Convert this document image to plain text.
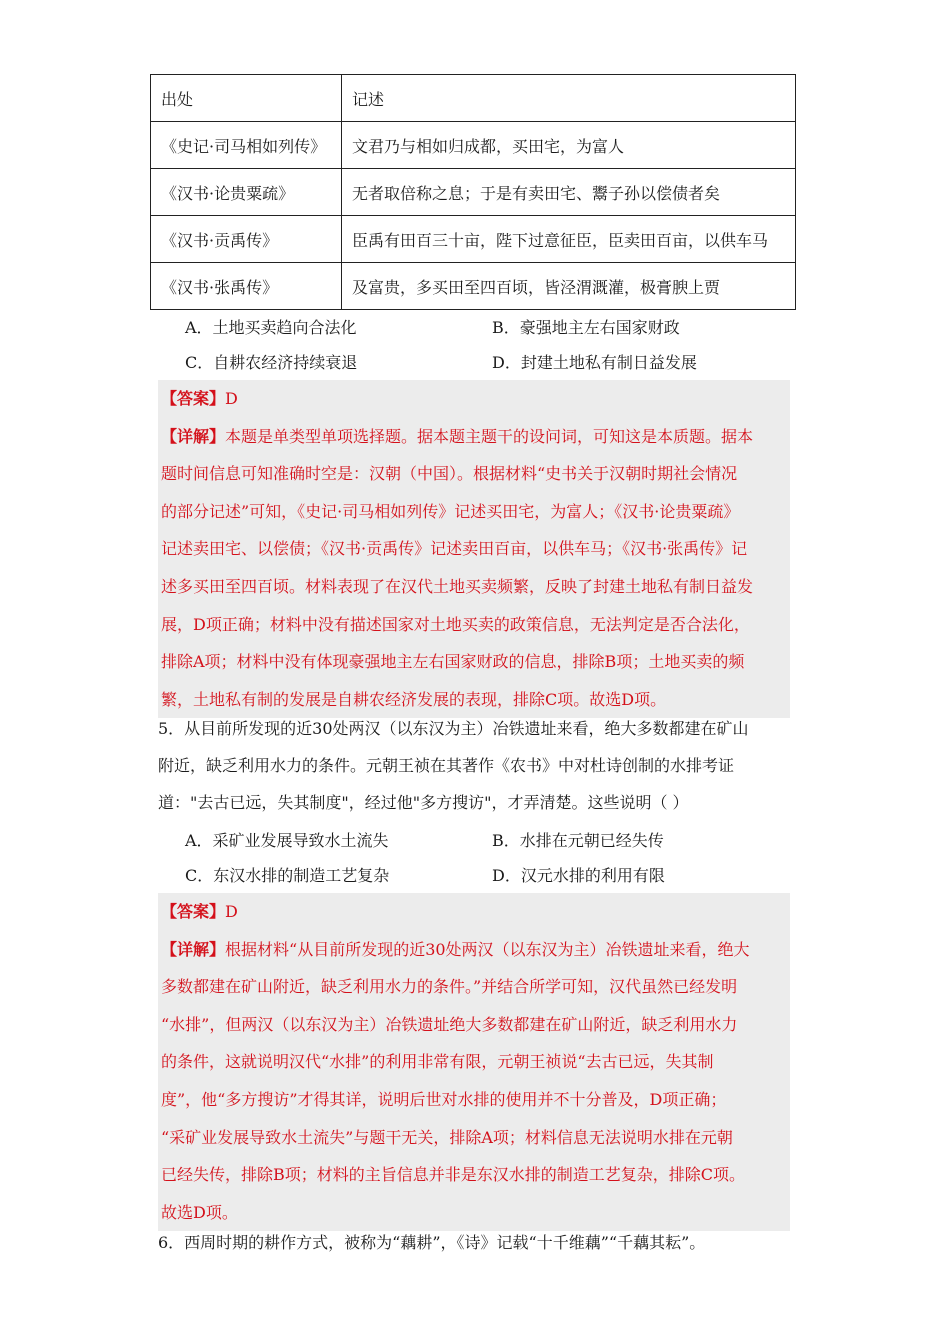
出处	记述
《史记·司马相如列传》	文君乃与相如归成都，买田宅，为富人
《汉书·论贵粟疏》	无者取倍称之息；于是有卖田宅、鬻子孙以偿债者矣
《汉书·贡禹传》	臣禹有田百三十亩，陛下过意征臣，臣卖田百亩，以供车马
《汉书·张禹传》	及富贵，多买田至四百顷，皆泾渭溉灌，极膏腴上贾
A．土地买卖趋向合法化	B．豪强地主左右国家财政
C．自耕农经济持续衰退	D．封建土地私有制日益发展

【答案】D

【详解】本题是单类型单项选择题。据本题主题干的设问词，可知这是本质题。据本

题时间信息可知准确时空是：汉朝（中国）。根据材料“史书关于汉朝时期社会情况

的部分记述”可知，《史记·司马相如列传》记述买田宅，为富人；《汉书·论贵粟疏》

记述卖田宅、以偿债；《汉书·贡禹传》记述卖田百亩，以供车马；《汉书·张禹传》记

述多买田至四百顷。材料表现了在汉代土地买卖频繁，反映了封建土地私有制日益发

展，D项正确；材料中没有描述国家对土地买卖的政策信息，无法判定是否合法化，

排除A项；材料中没有体现豪强地主左右国家财政的信息，排除B项；土地买卖的频

繁，土地私有制的发展是自耕农经济发展的表现，排除C项。故选D项。

5．从目前所发现的近30处两汉（以东汉为主）冶铁遗址来看，绝大多数都建在矿山

附近，缺乏利用水力的条件。元朝王祯在其著作《农书》中对杜诗创制的水排考证

道："去古已远，失其制度"，经过他"多方搜访"，才弄清楚。这些说明（ ）

A．采矿业发展导致水土流失	B．水排在元朝已经失传
C．东汉水排的制造工艺复杂	D．汉元水排的利用有限

【答案】D

【详解】根据材料“从目前所发现的近30处两汉（以东汉为主）冶铁遗址来看，绝大

多数都建在矿山附近，缺乏利用水力的条件。”并结合所学可知，汉代虽然已经发明

“水排”，但两汉（以东汉为主）冶铁遗址绝大多数都建在矿山附近，缺乏利用水力

的条件，这就说明汉代“水排”的利用非常有限，元朝王祯说“去古已远，失其制

度”，他“多方搜访”才得其详，说明后世对水排的使用并不十分普及，D项正确；

“采矿业发展导致水土流失”与题干无关，排除A项；材料信息无法说明水排在元朝

已经失传，排除B项；材料的主旨信息并非是东汉水排的制造工艺复杂，排除C项。

故选D项。

6．西周时期的耕作方式，被称为“藕耕”，《诗》记载“十千维藕”“千藕其耘”。
